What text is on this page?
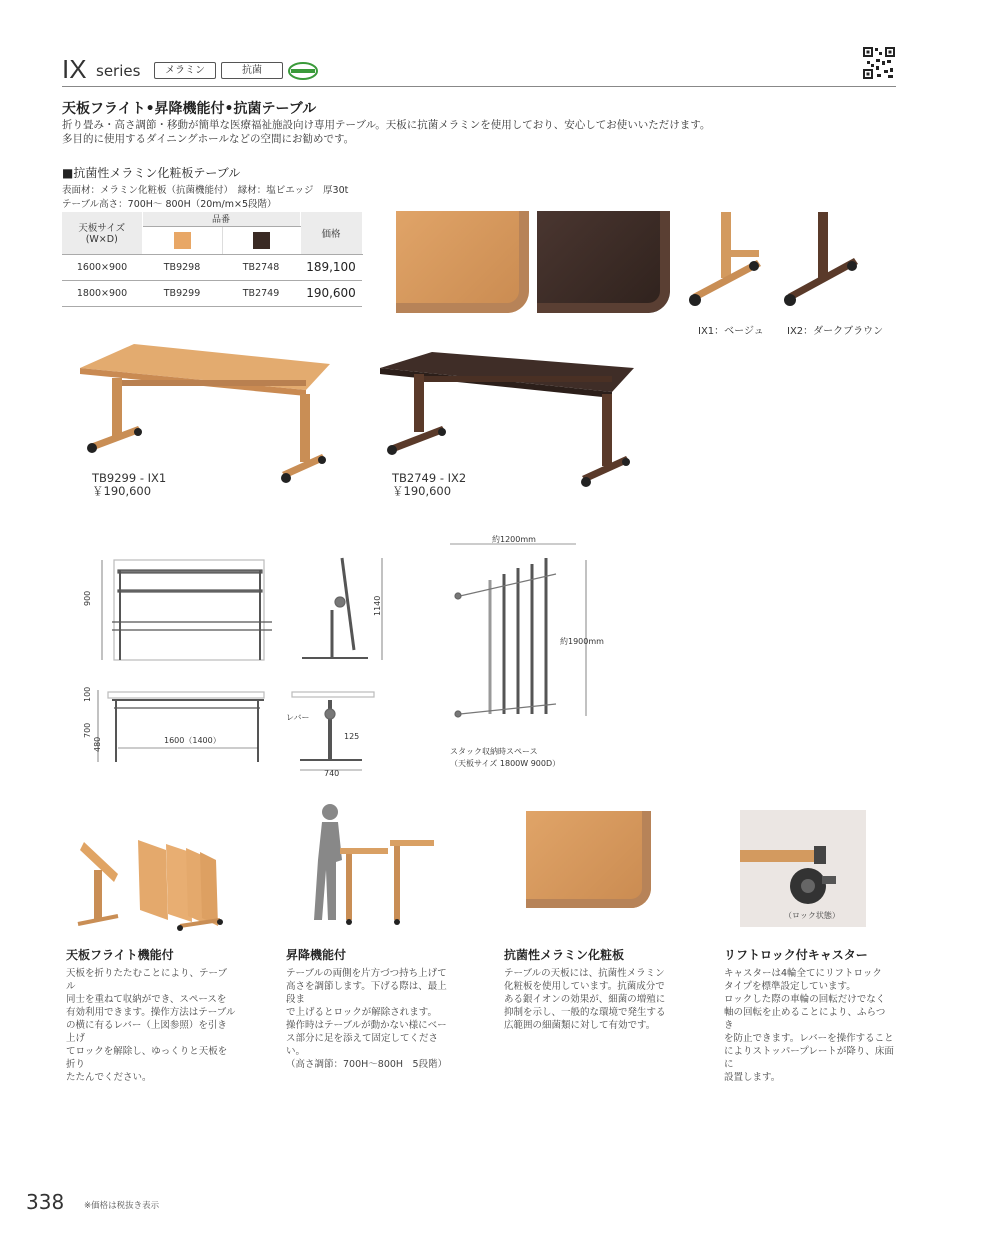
IX series	メラミン	抗菌
天板フライト•昇降機能付•抗菌テーブル
折り畳み・高さ調節・移動が簡単な医療福祉施設向け専用テーブル。天板に抗菌メラミンを使用しており、安心してお使いいただけます。
多目的に使用するダイニングホールなどの空間にお勧めです。
■抗菌性メラミン化粧板テーブル
表面材：メラミン化粧板（抗菌機能付）　縁材：塩ビエッジ　厚30t
テーブル高さ：700H～ 800H（20m/m×5段階）
天板サイズ
(W×D)	品番		価格

1600×900	TB9298	TB2748	189,100
1800×900	TB9299	TB2749	190,600
IX1：ベージュ IX2：ダークブラウン
TB9299 - IX1
￥190,600
TB2749 - IX2
￥190,600
900	1140
100
700
480	1600（1400）
レバー
125
740
約1200mm
約1900mm
スタック収納時スペース
（天板サイズ 1800W 900D）
（ロック状態）
天板フライト機能付
天板を折りたたむことにより、テーブル
同士を重ねて収納ができ、スペースを
有効利用できます。操作方法はテーブル
の横に有るレバー（上図参照）を引き上げ
てロックを解除し、ゆっくりと天板を折り
たたんでください。
昇降機能付
テーブルの両側を片方づつ持ち上げて
高さを調節します。下げる際は、最上段ま
で上げるとロックが解除されます。
操作時はテーブルが動かない様にベー
ス部分に足を添えて固定してください。
（高さ調節：700H～800H　5段階）
抗菌性メラミン化粧板
テーブルの天板には、抗菌性メラミン
化粧板を使用しています。抗菌成分で
ある銀イオンの効果が、細菌の増殖に
抑制を示し、一般的な環境で発生する
広範囲の細菌類に対して有効です。
リフトロック付キャスター
キャスターは4輪全てにリフトロック
タイプを標準設定しています。
ロックした際の車輪の回転だけでなく
軸の回転を止めることにより、ふらつき
を防止できます。レバーを操作すること
によりストッパープレートが降り、床面に
設置します。
338 ※価格は税抜き表示
